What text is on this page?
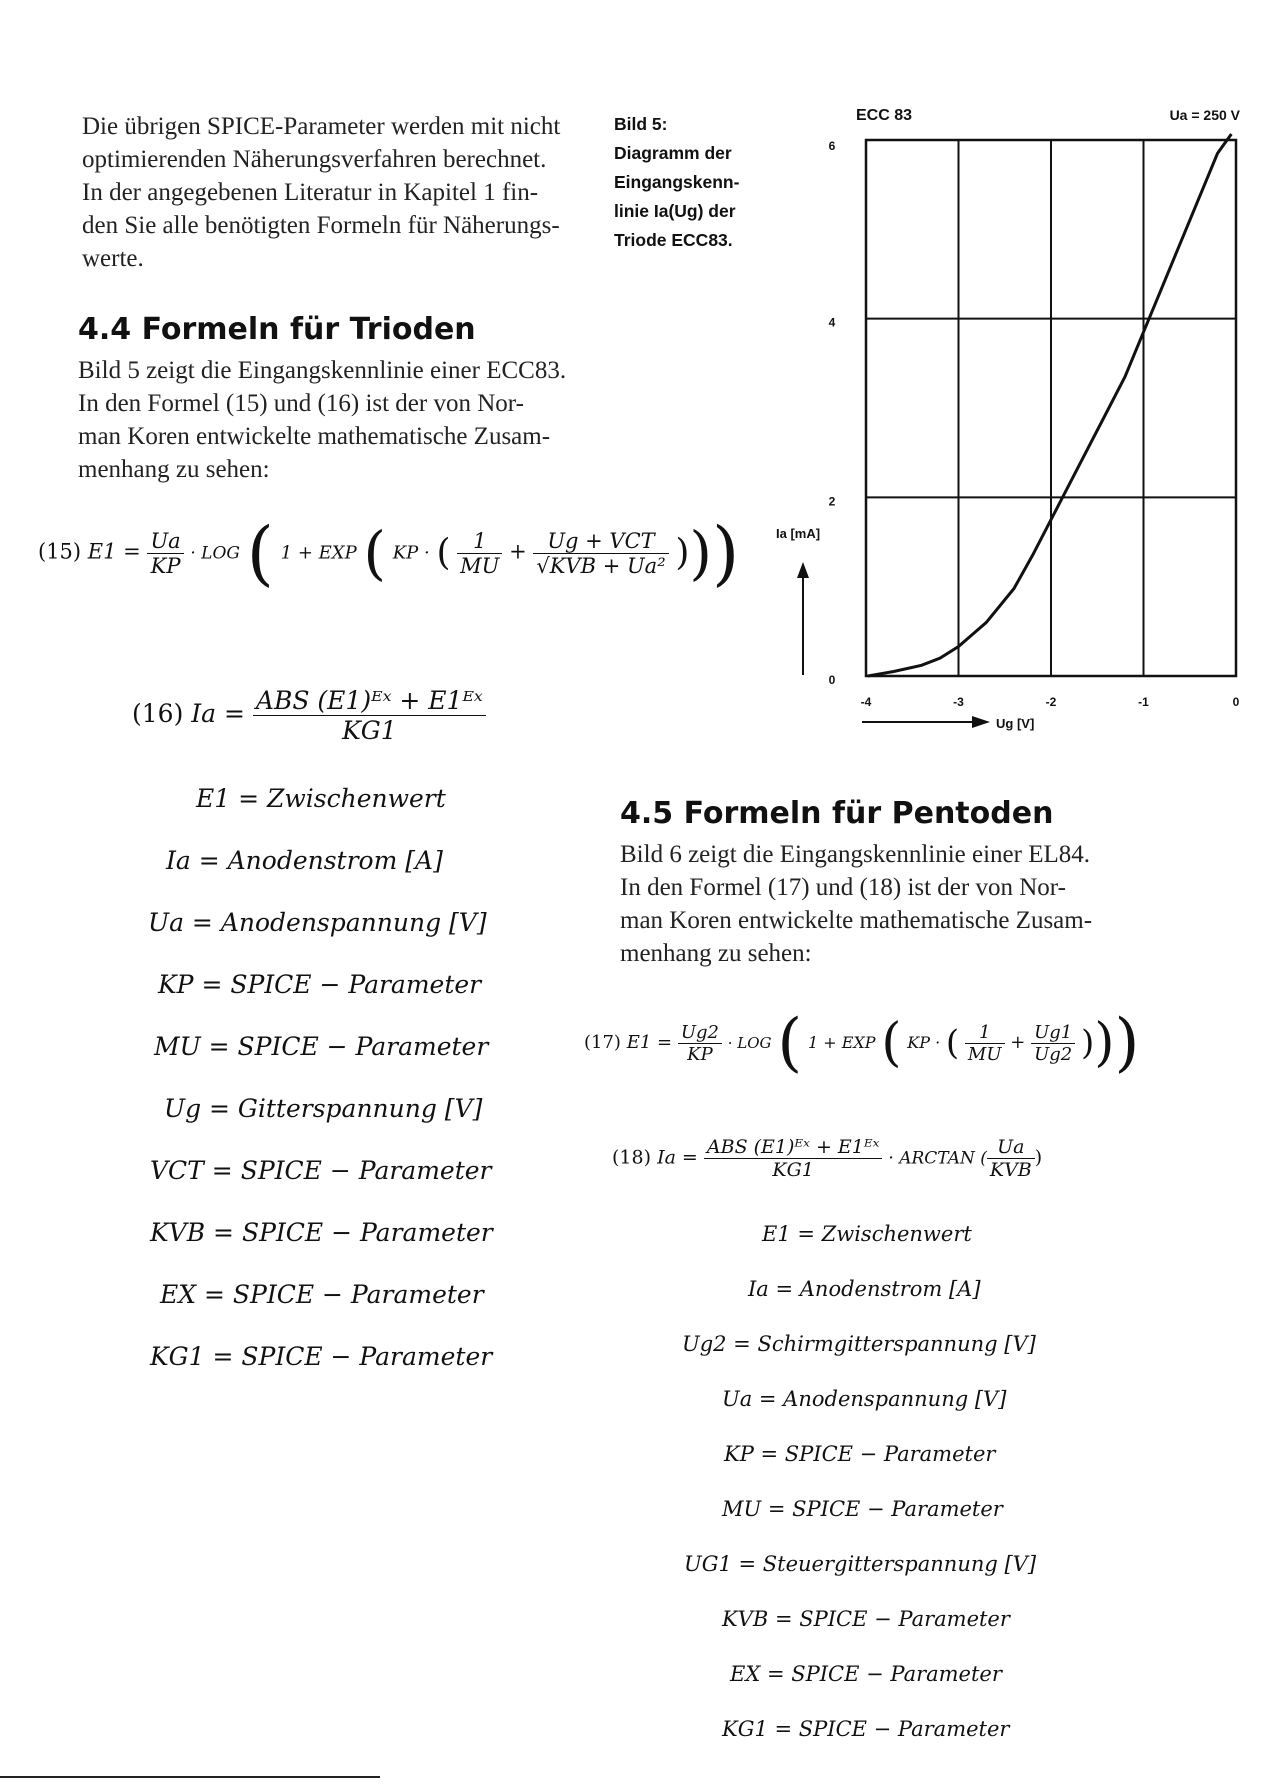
Die übrigen SPICE-Parameter werden mit nicht
optimierenden Näherungsverfahren berechnet.
In der angegebenen Literatur in Kapitel 1 fin-
den Sie alle benötigten Formeln für Näherungs-
werte.
Bild 5:
Diagramm der
Eingangskenn-
linie Ia(Ug) der
Triode ECC83.
4.4 Formeln für Trioden
Bild 5 zeigt die Eingangskennlinie einer ECC83.
In den Formel (15) und (16) ist der von Nor-
man Koren entwickelte mathematische Zusam-
menhang zu sehen:
(15) $E1 = \frac{Ua}{KP}$ · LOG ( 1 + EXP ( KP · ( $\frac{1}{MU} + \frac{\text{Ug + VCT}}{\text{√KVB + Ua²}}$ )))
(16) $Ia = \frac{\text{ABS (E1)ᴱˣ + E1ᴱˣ}}{KG1}$
E1 = Zwischenwert
Ia = Anodenstrom [A]
Ua = Anodenspannung [V]
KP = SPICE − Parameter
MU = SPICE − Parameter
Ug = Gitterspannung [V]
VCT = SPICE − Parameter
KVB = SPICE − Parameter
EX = SPICE − Parameter
KG1 = SPICE − Parameter
ECC 83	Ua = 250 V
0
2
4
6
-4	-3	-2	-1	0
Ia [mA]
Ug [V]
4.5 Formeln für Pentoden
Bild 6 zeigt die Eingangskennlinie einer EL84.
In den Formel (17) und (18) ist der von Nor-
man Koren entwickelte mathematische Zusam-
menhang zu sehen:
(17) $E1 = \frac{Ug2}{KP}$ · LOG ( 1 + EXP ( KP · ( $\frac{1}{MU} + \frac{Ug1}{Ug2}$ )))
(18) $Ia = \frac{\text{ABS (E1)ᴱˣ + E1ᴱˣ}}{KG1}$ · ARCTAN ( $\frac{Ua}{\text{KVB}}$ )
E1 = Zwischenwert
Ia = Anodenstrom [A]
Ug2 = Schirmgitterspannung [V]
Ua = Anodenspannung [V]
KP = SPICE − Parameter
MU = SPICE − Parameter
UG1 = Steuergitterspannung [V]
KVB = SPICE − Parameter
EX = SPICE − Parameter
KG1 = SPICE − Parameter
